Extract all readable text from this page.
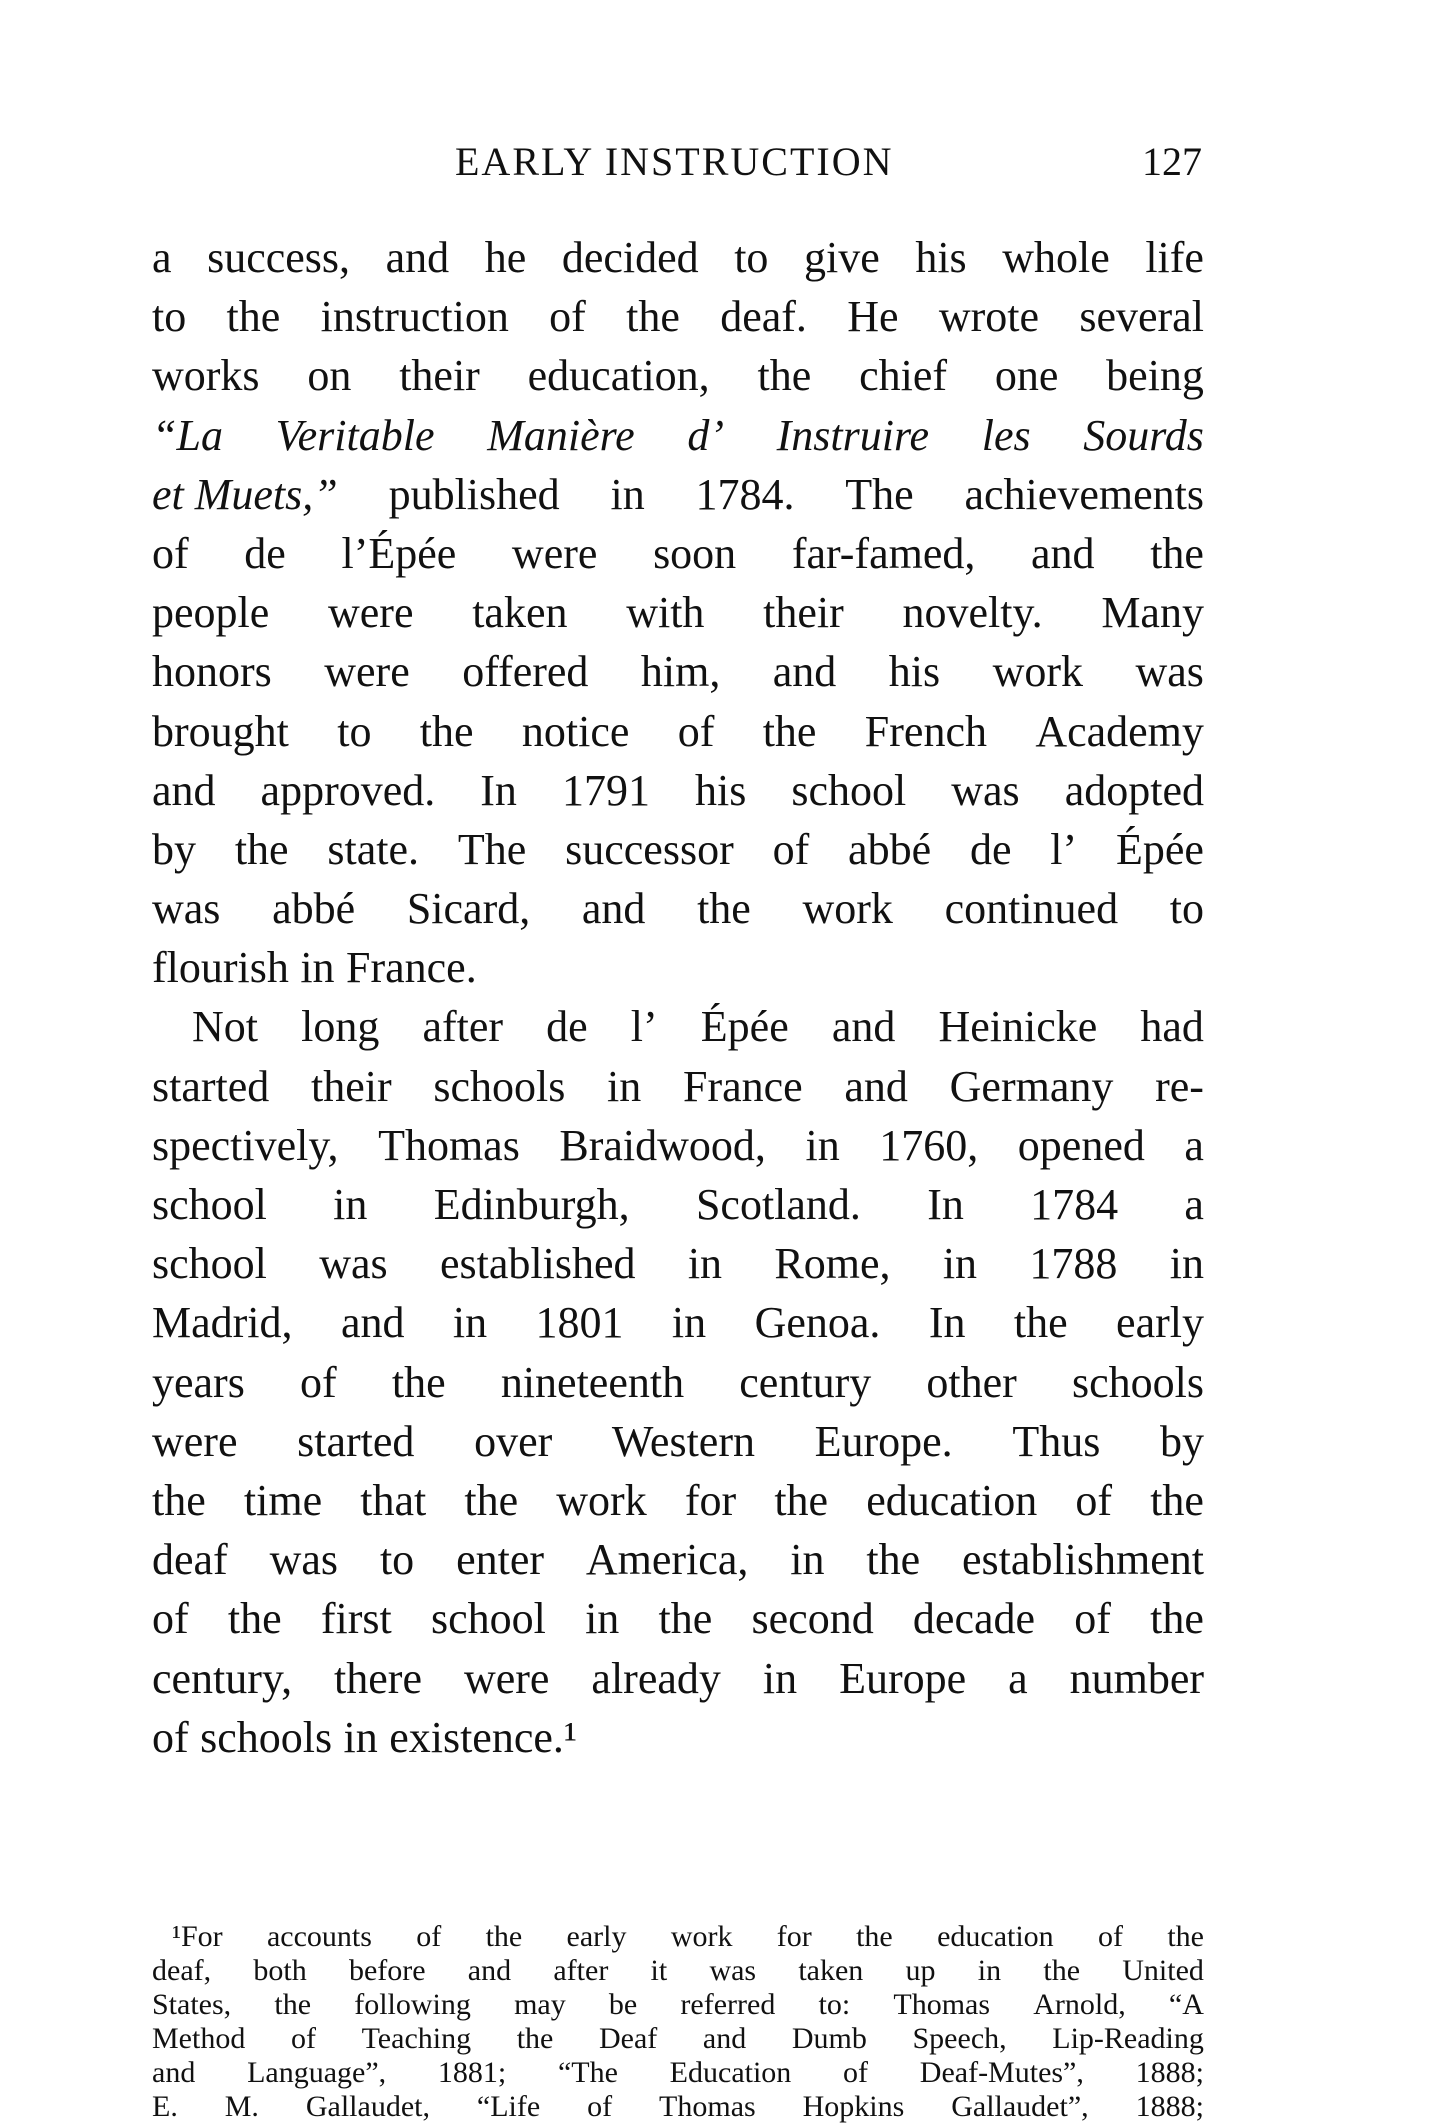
EARLY INSTRUCTION	127
a success, and he decided to give his whole life
to the instruction of the deaf. He wrote several
works on their education, the chief one being
“La Veritable Manière d’ Instruire les Sourds
et Muets,” published in 1784. The achievements
of de l’Épée were soon far-famed, and the
people were taken with their novelty. Many
honors were offered him, and his work was
brought to the notice of the French Academy
and approved. In 1791 his school was adopted
by the state. The successor of abbé de l’ Épée
was abbé Sicard, and the work continued to
flourish in France.
Not long after de l’ Épée and Heinicke had
started their schools in France and Germany re-
spectively, Thomas Braidwood, in 1760, opened a
school in Edinburgh, Scotland. In 1784 a
school was established in Rome, in 1788 in
Madrid, and in 1801 in Genoa. In the early
years of the nineteenth century other schools
were started over Western Europe. Thus by
the time that the work for the education of the
deaf was to enter America, in the establishment
of the first school in the second decade of the
century, there were already in Europe a number
of schools in existence.¹
¹For accounts of the early work for the education of the
deaf, both before and after it was taken up in the United
States, the following may be referred to: Thomas Arnold, “A
Method of Teaching the Deaf and Dumb Speech, Lip-Reading
and Language”, 1881; “The Education of Deaf-Mutes”, 1888;
E. M. Gallaudet, “Life of Thomas Hopkins Gallaudet”, 1888;
